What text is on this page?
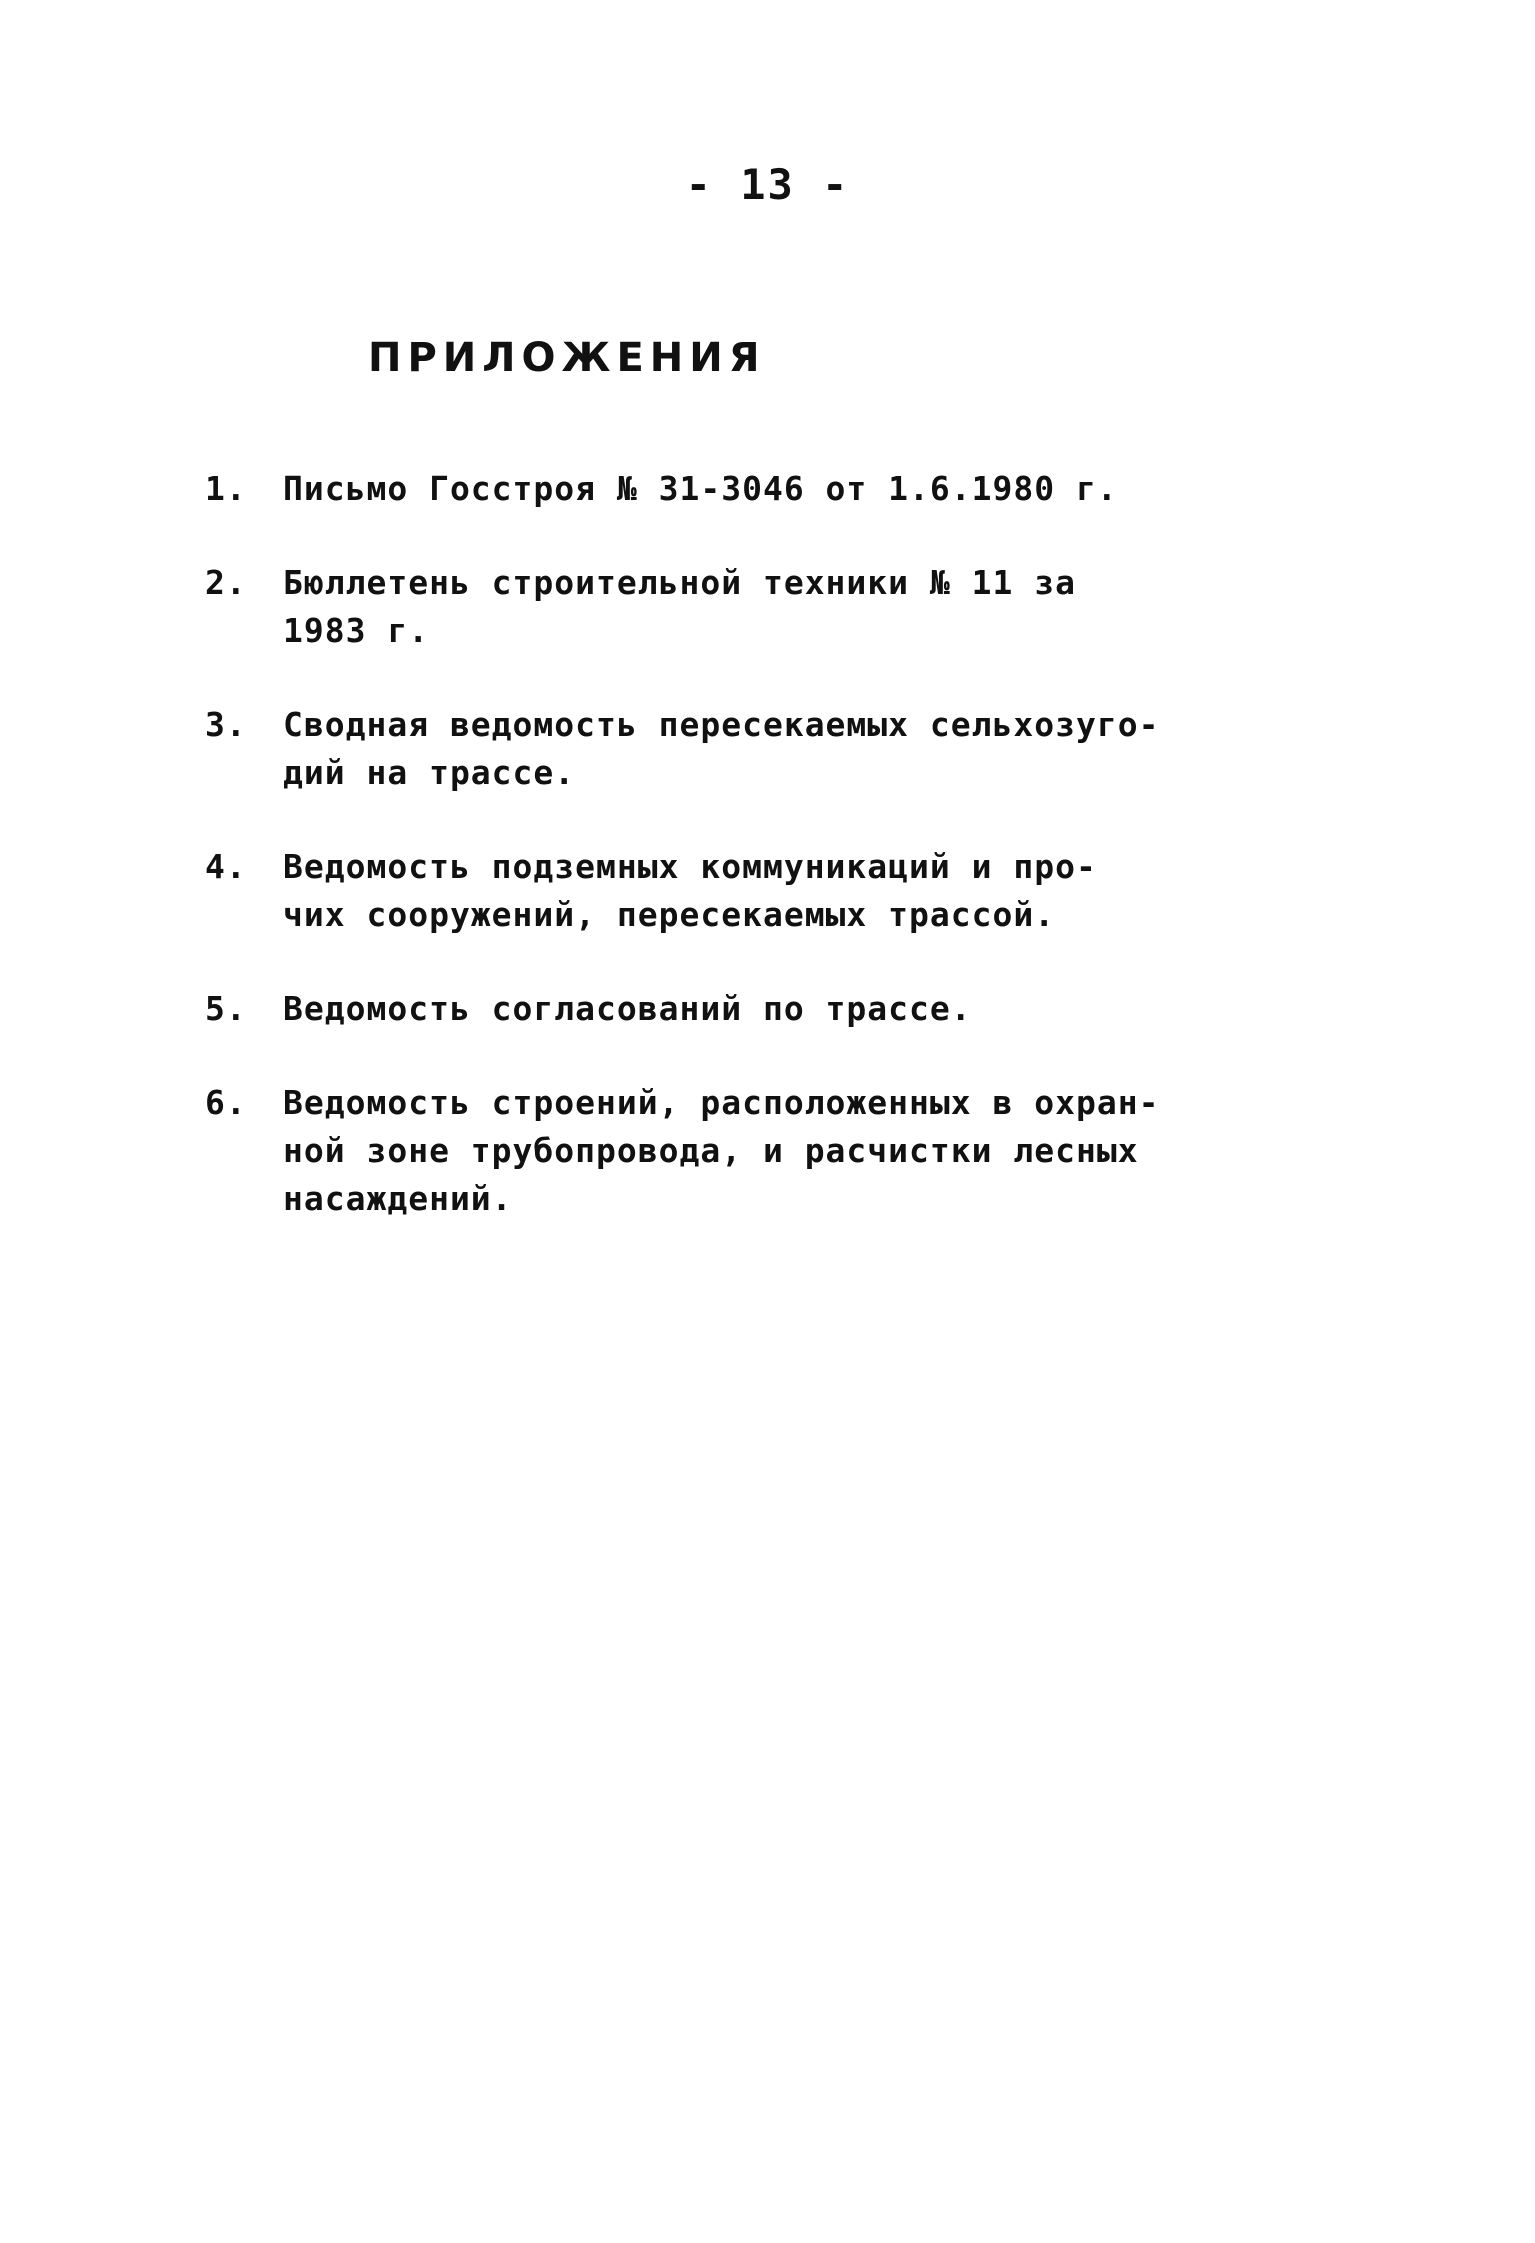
- 13 -
ПРИЛОЖЕНИЯ
1.	Письмо Госстроя № 31-3046 от 1.6.1980 г.
2.	Бюллетень строительной техники № 11 за
1983 г.
3.	Сводная ведомость пересекаемых сельхозуго-
дий на трассе.
4.	Ведомость подземных коммуникаций и про-
чих сооружений, пересекаемых трассой.
5.	Ведомость согласований по трассе.
6.	Ведомость строений, расположенных в охран-
ной зоне трубопровода, и расчистки лесных
насаждений.
